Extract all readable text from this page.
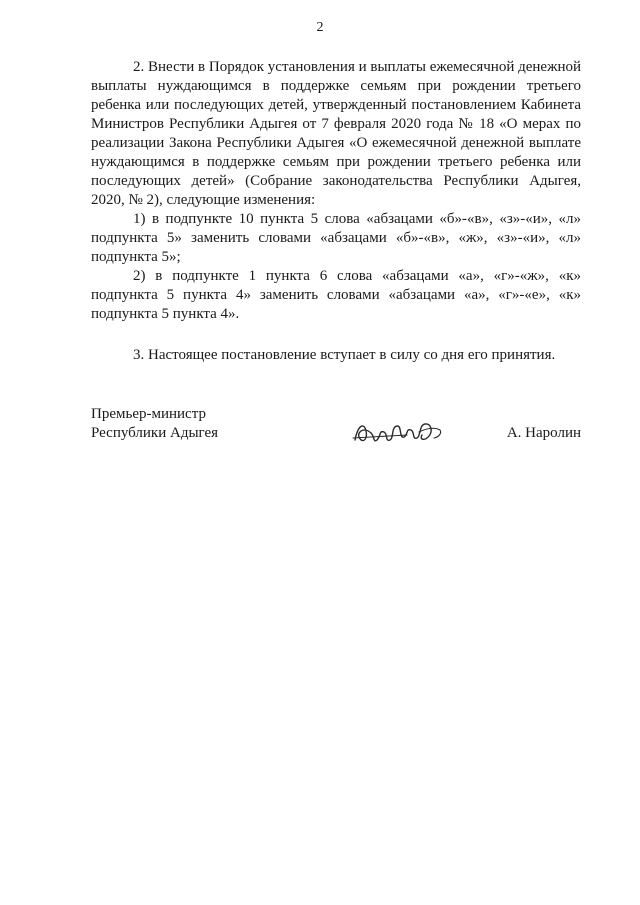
2

2. Внести в Порядок установления и выплаты ежемесячной денежной выплаты нуждающимся в поддержке семьям при рождении третьего ребенка или последующих детей, утвержденный постановлением Кабинета Министров Республики Адыгея от 7 февраля 2020 года № 18 «О мерах по реализации Закона Республики Адыгея «О ежемесячной денежной выплате нуждающимся в поддержке семьям при рождении третьего ребенка или последующих детей» (Собрание законодательства Республики Адыгея, 2020, № 2), следующие изменения:

1) в подпункте 10 пункта 5 слова «абзацами «б»-«в», «з»-«и», «л» подпункта 5» заменить словами «абзацами «б»-«в», «ж», «з»-«и», «л» подпункта 5»;

2) в подпункте 1 пункта 6 слова «абзацами «а», «г»-«ж», «к» подпункта 5 пункта 4» заменить словами «абзацами «а», «г»-«е», «к» подпункта 5 пункта 4».

3. Настоящее постановление вступает в силу со дня его принятия.

Премьер-министр
Республики Адыгея	А. Наролин
